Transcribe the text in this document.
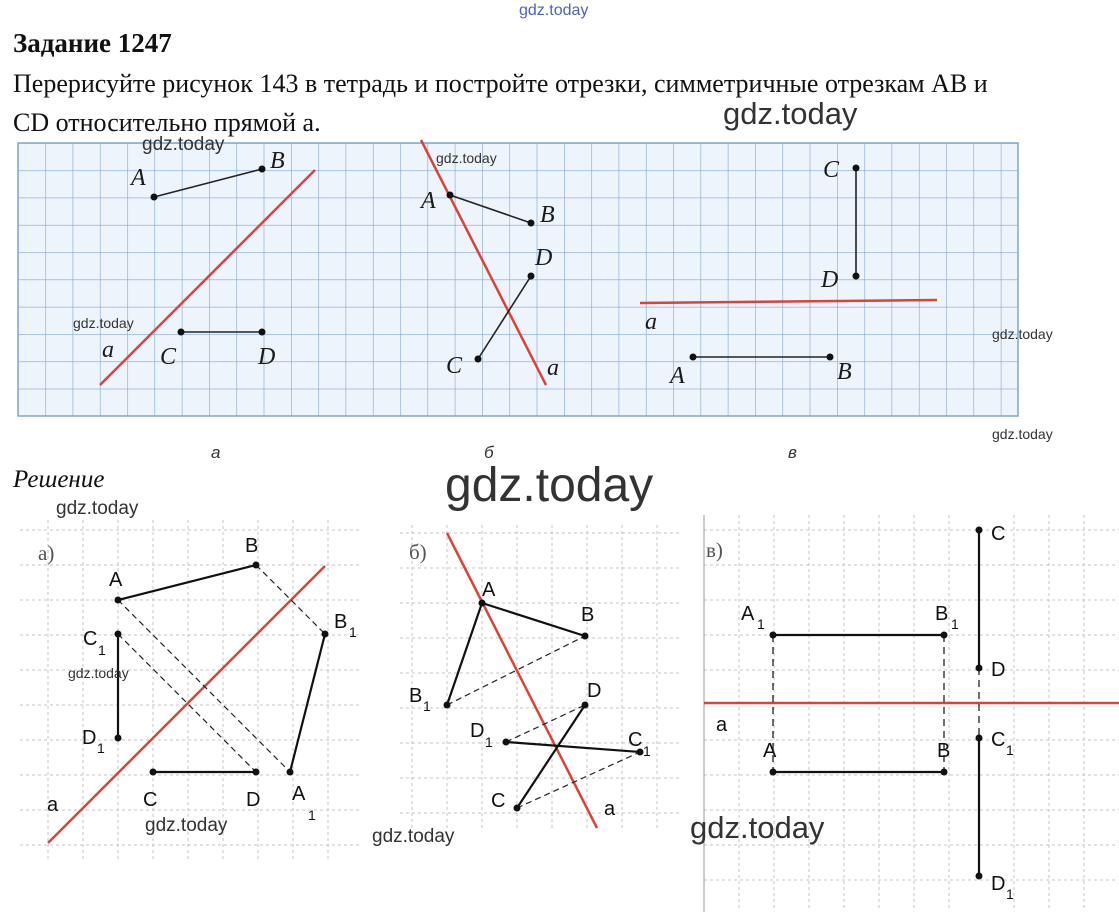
gdz.today
Задание 1247
Перерисуйте рисунок 143 в тетрадь и постройте отрезки, симметричные отрезкам AB и CD относительно прямой a.
A
B
C	D
a
A
B
C
D
a
C
D
A	B
a
а	б	в
Решение
а)
A
B
B 1
A
1
C 1
D 1
C	D
a
б)
A
B
B 1
D
D 1	C 1
C	a
в)
A 1	B 1
A	B
C
D
C 1
D 1
a
gdz.today
gdz.today
gdz.today
gdz.today
gdz.today
gdz.today
gdz.today
gdz.today
gdz.today
gdz.today
gdz.today	gdz.today
